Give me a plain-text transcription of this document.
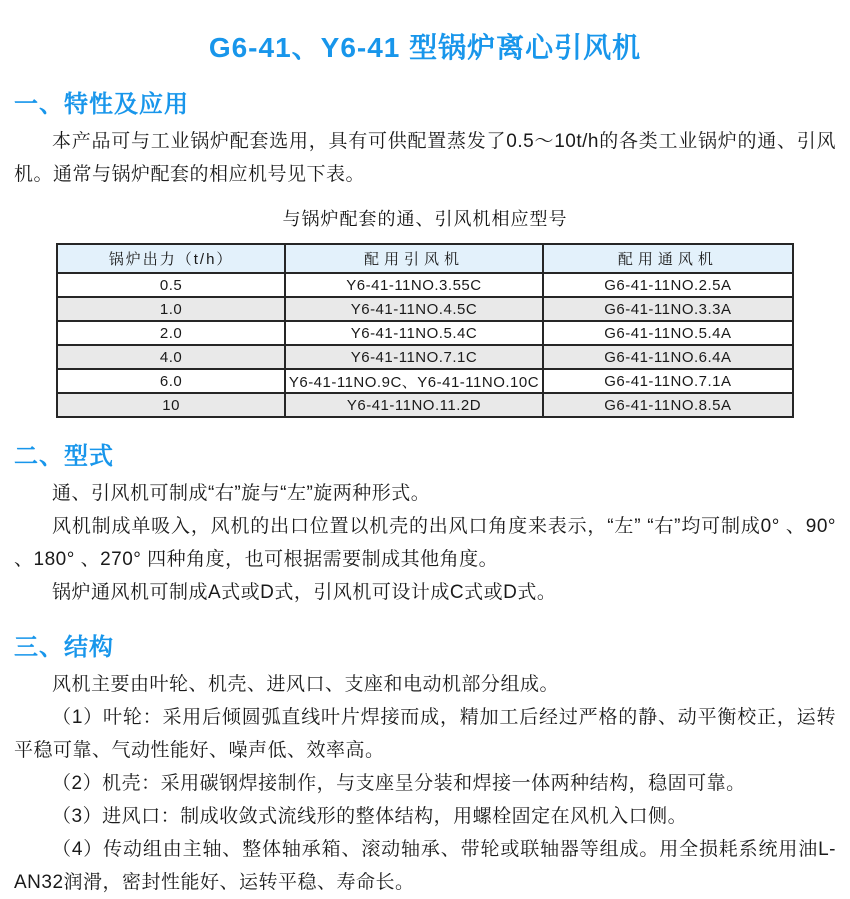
G6-41、Y6-41 型锅炉离心引风机
一、特性及应用

本产品可与工业锅炉配套选用，具有可供配置蒸发了0.5～10t/h的各类工业锅炉的通、引风机。通常与锅炉配套的相应机号见下表。

与锅炉配套的通、引风机相应型号
锅炉出力（t/h）	配用引风机	配用通风机
0.5	Y6-41-11NO.3.55C	G6-41-11NO.2.5A
1.0	Y6-41-11NO.4.5C	G6-41-11NO.3.3A
2.0	Y6-41-11NO.5.4C	G6-41-11NO.5.4A
4.0	Y6-41-11NO.7.1C	G6-41-11NO.6.4A
6.0	Y6-41-11NO.9C、Y6-41-11NO.10C	G6-41-11NO.7.1A
10	Y6-41-11NO.11.2D	G6-41-11NO.8.5A
二、型式

通、引风机可制成“右”旋与“左”旋两种形式。

风机制成单吸入，风机的出口位置以机壳的出风口角度来表示，“左” “右”均可制成0° 、90° 、180° 、270° 四种角度，也可根据需要制成其他角度。

锅炉通风机可制成A式或D式，引风机可设计成C式或D式。

三、结构

风机主要由叶轮、机壳、进风口、支座和电动机部分组成。

（1）叶轮：采用后倾圆弧直线叶片焊接而成，精加工后经过严格的静、动平衡校正，运转平稳可靠、气动性能好、噪声低、效率高。

（2）机壳：采用碳钢焊接制作，与支座呈分装和焊接一体两种结构，稳固可靠。

（3）进风口：制成收敛式流线形的整体结构，用螺栓固定在风机入口侧。

（4）传动组由主轴、整体轴承箱、滚动轴承、带轮或联轴器等组成。用全损耗系统用油L-AN32润滑，密封性能好、运转平稳、寿命长。
